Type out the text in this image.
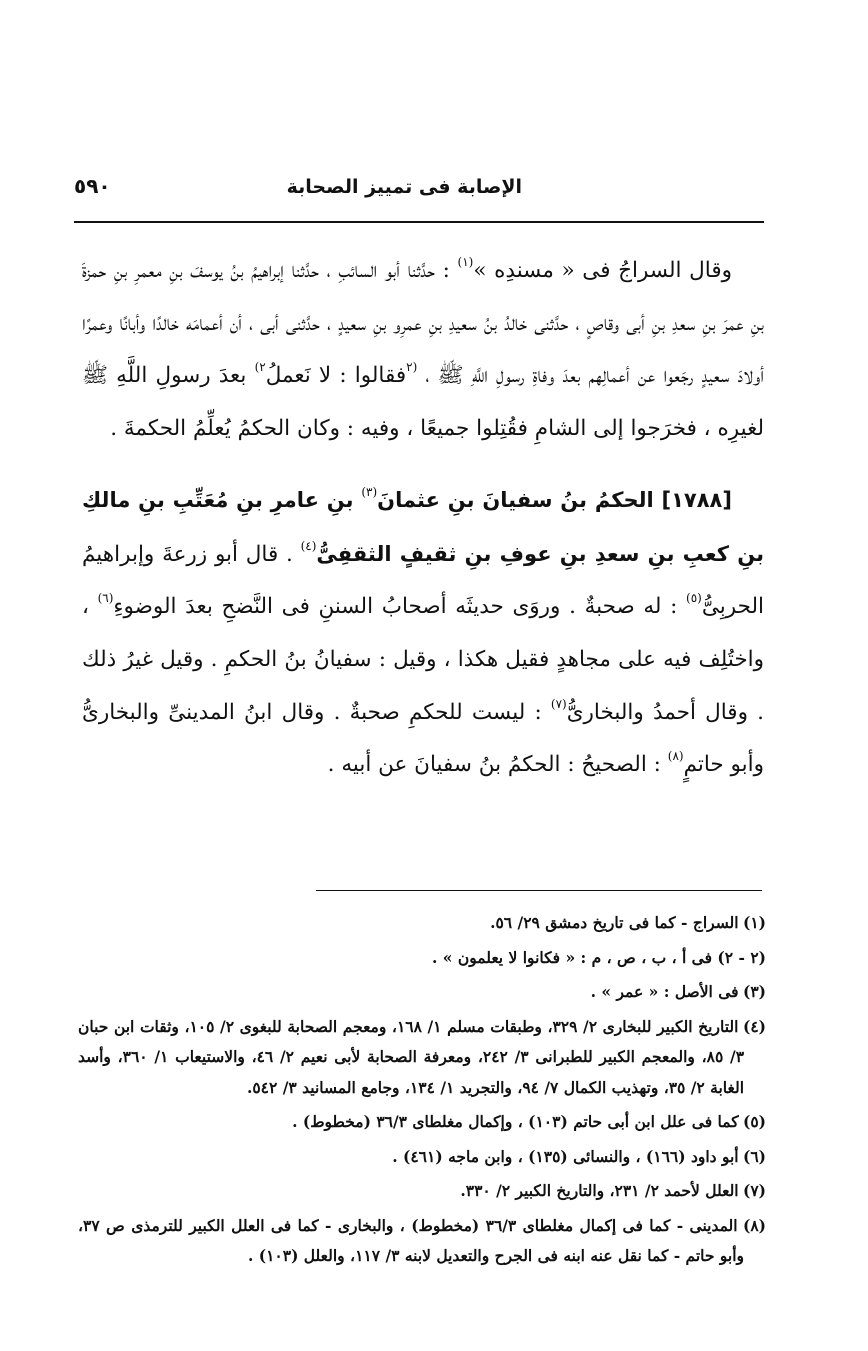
الإصابة فى تمييز الصحابة
٥٩٠

وقال السراجُ فى « مسندِه »$^{(١)}$ : حدَّثنا أبو السائبِ ، حدَّثنا إبراهيمُ بنُ يوسفَ بنِ معمرِ بنِ حمزةَ بنِ عمرَ بنِ سعدِ بنِ أبى وقاصٍ ، حدَّثنى خالدُ بنُ سعيدِ بنِ عمرِو بنِ سعيدٍ ، حدَّثنى أبى ، أن أعمامَه خالدًا وأبانًا وعمرًا أولادَ سعيدٍ رجَعوا عن أعمالِهم بعدَ وفاةِ رسولِ اللَّهِ ﷺ ، $^{(٢}$فقالوا : لا نَعملُ$^{٢)}$ بعدَ رسولِ اللَّهِ ﷺ لغيرِه ، فخرَجوا إلى الشامِ فقُتِلوا جميعًا ، وفيه : وكان الحكمُ يُعلِّمُ الحكمةَ .

[١٧٨٨] الحكمُ بنُ سفيانَ بنِ عثمانَ$^{(٣)}$ بنِ عامرِ بنِ مُعَتِّبِ بنِ مالكِ بنِ كعبِ بنِ سعدِ بنِ عوفِ بنِ ثقيفٍ الثقفِىُّ$^{(٤)}$ . قال أبو زرعةَ وإبراهيمُ الحربِىُّ$^{(٥)}$ : له صحبةٌ . وروَى حديثَه أصحابُ السننِ فى النَّضحِ بعدَ الوضوءِ$^{(٦)}$ ، واختُلِف فيه على مجاهدٍ فقيل هكذا ، وقيل : سفيانُ بنُ الحكمِ . وقيل غيرُ ذلك . وقال أحمدُ والبخارىُّ$^{(٧)}$ : ليست للحكمِ صحبةٌ . وقال ابنُ المدينىِّ والبخارىُّ وأبو حاتمٍ$^{(٨)}$ : الصحيحُ : الحكمُ بنُ سفيانَ عن أبيه .

(١) السراج - كما فى تاريخ دمشق ٢٩/ ٥٦.

(٢ - ٢) فى أ ، ب ، ص ، م : « فكانوا لا يعلمون » .

(٣) فى الأصل : « عمر » .

(٤) التاريخ الكبير للبخارى ٢/ ٣٢٩، وطبقات مسلم ١/ ١٦٨، ومعجم الصحابة للبغوى ٢/ ١٠٥، وثقات ابن حبان ٣/ ٨٥، والمعجم الكبير للطبرانى ٣/ ٢٤٢، ومعرفة الصحابة لأبى نعيم ٢/ ٤٦، والاستيعاب ١/ ٣٦٠، وأسد الغابة ٢/ ٣٥، وتهذيب الكمال ٧/ ٩٤، والتجريد ١/ ١٣٤، وجامع المسانيد ٣/ ٥٤٢.

(٥) كما فى علل ابن أبى حاتم (١٠٣) ، وإكمال مغلطاى ٣٦/٣ (مخطوط) .

(٦) أبو داود (١٦٦) ، والنسائى (١٣٥) ، وابن ماجه (٤٦١) .

(٧) العلل لأحمد ٢/ ٢٣١، والتاريخ الكبير ٢/ ٣٣٠.

(٨) المدينى - كما فى إكمال مغلطاى ٣٦/٣ (مخطوط) ، والبخارى - كما فى العلل الكبير للترمذى ص ٣٧، وأبو حاتم - كما نقل عنه ابنه فى الجرح والتعديل لابنه ٣/ ١١٧، والعلل (١٠٣) .
